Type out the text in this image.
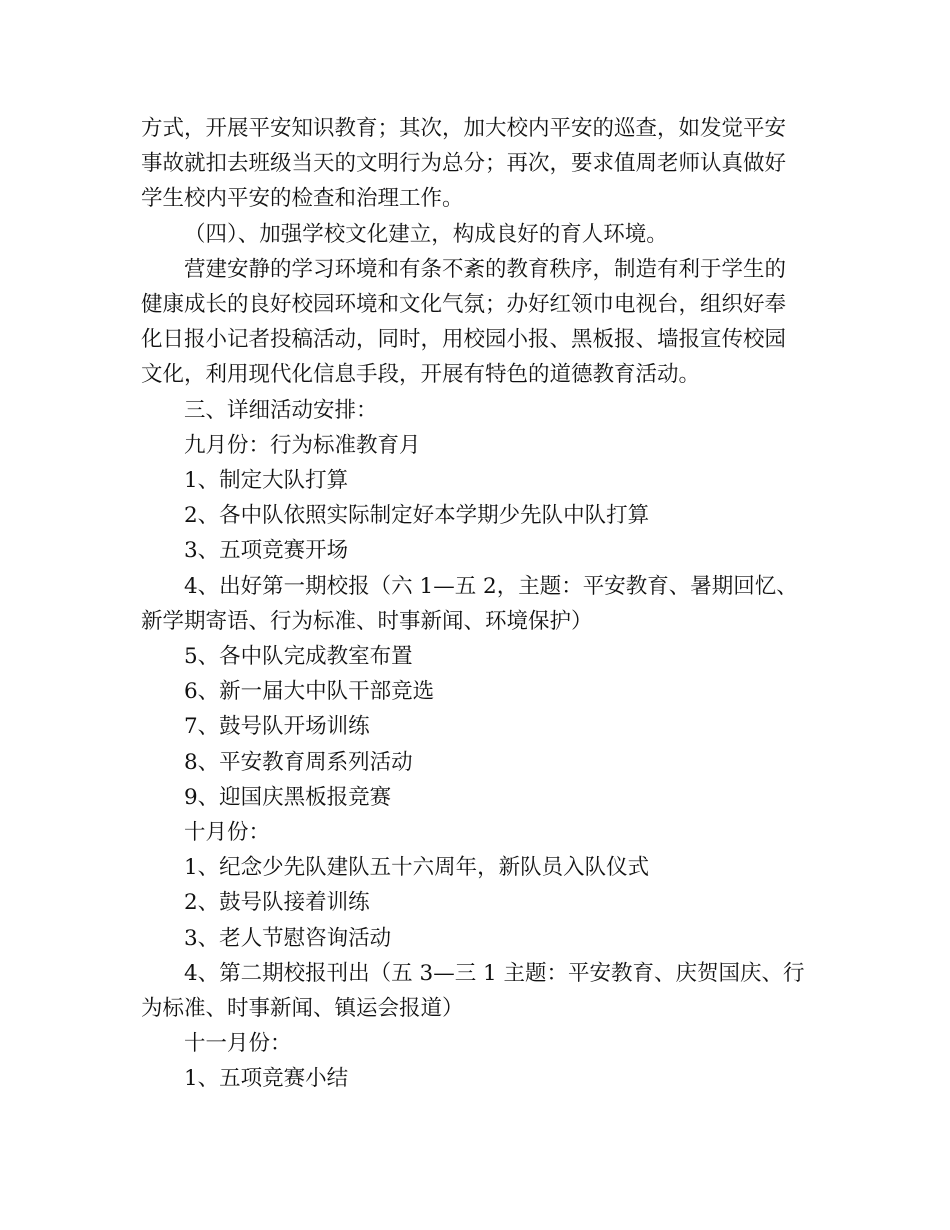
方式，开展平安知识教育；其次，加大校内平安的巡查，如发觉平安

事故就扣去班级当天的文明行为总分；再次，要求值周老师认真做好

学生校内平安的检查和治理工作。

（四）、加强学校文化建立，构成良好的育人环境。

营建安静的学习环境和有条不紊的教育秩序，制造有利于学生的

健康成长的良好校园环境和文化气氛；办好红领巾电视台，组织好奉

化日报小记者投稿活动，同时，用校园小报、黑板报、墙报宣传校园

文化，利用现代化信息手段，开展有特色的道德教育活动。

三、详细活动安排：

九月份：行为标准教育月

1、制定大队打算

2、各中队依照实际制定好本学期少先队中队打算

3、五项竞赛开场

4、出好第一期校报（六 1—五 2，主题：平安教育、暑期回忆、

新学期寄语、行为标准、时事新闻、环境保护）

5、各中队完成教室布置

6、新一届大中队干部竞选

7、鼓号队开场训练

8、平安教育周系列活动

9、迎国庆黑板报竞赛

十月份：

1、纪念少先队建队五十六周年，新队员入队仪式

2、鼓号队接着训练

3、老人节慰咨询活动

4、第二期校报刊出（五 3—三 1 主题：平安教育、庆贺国庆、行

为标准、时事新闻、镇运会报道）

十一月份：

1、五项竞赛小结
